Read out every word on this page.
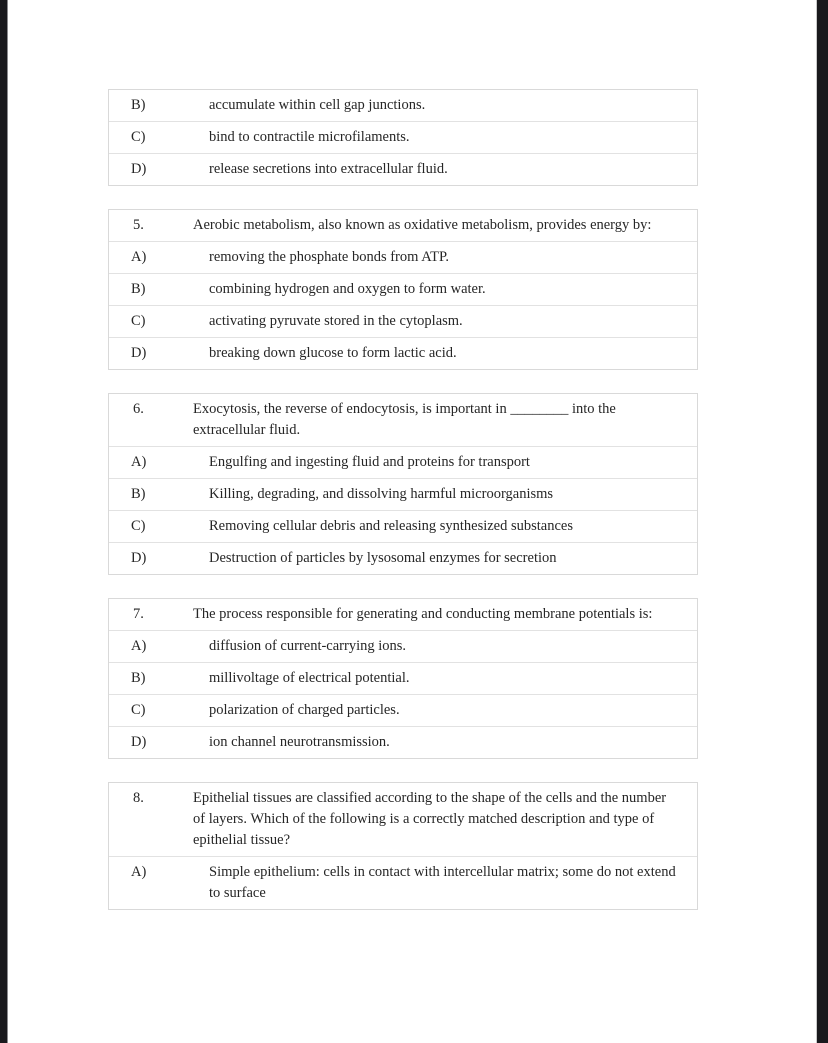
B)	accumulate within cell gap junctions.
C)	bind to contractile microfilaments.
D)	release secretions into extracellular fluid.
5.	Aerobic metabolism, also known as oxidative metabolism, provides energy by:
A)	removing the phosphate bonds from ATP.
B)	combining hydrogen and oxygen to form water.
C)	activating pyruvate stored in the cytoplasm.
D)	breaking down glucose to form lactic acid.
6.	Exocytosis, the reverse of endocytosis, is important in ________ into the extracellular fluid.
A)	Engulfing and ingesting fluid and proteins for transport
B)	Killing, degrading, and dissolving harmful microorganisms
C)	Removing cellular debris and releasing synthesized substances
D)	Destruction of particles by lysosomal enzymes for secretion
7.	The process responsible for generating and conducting membrane potentials is:
A)	diffusion of current-carrying ions.
B)	millivoltage of electrical potential.
C)	polarization of charged particles.
D)	ion channel neurotransmission.
8.	Epithelial tissues are classified according to the shape of the cells and the number of layers. Which of the following is a correctly matched description and type of epithelial tissue?
A)	Simple epithelium: cells in contact with intercellular matrix; some do not extend to surface
